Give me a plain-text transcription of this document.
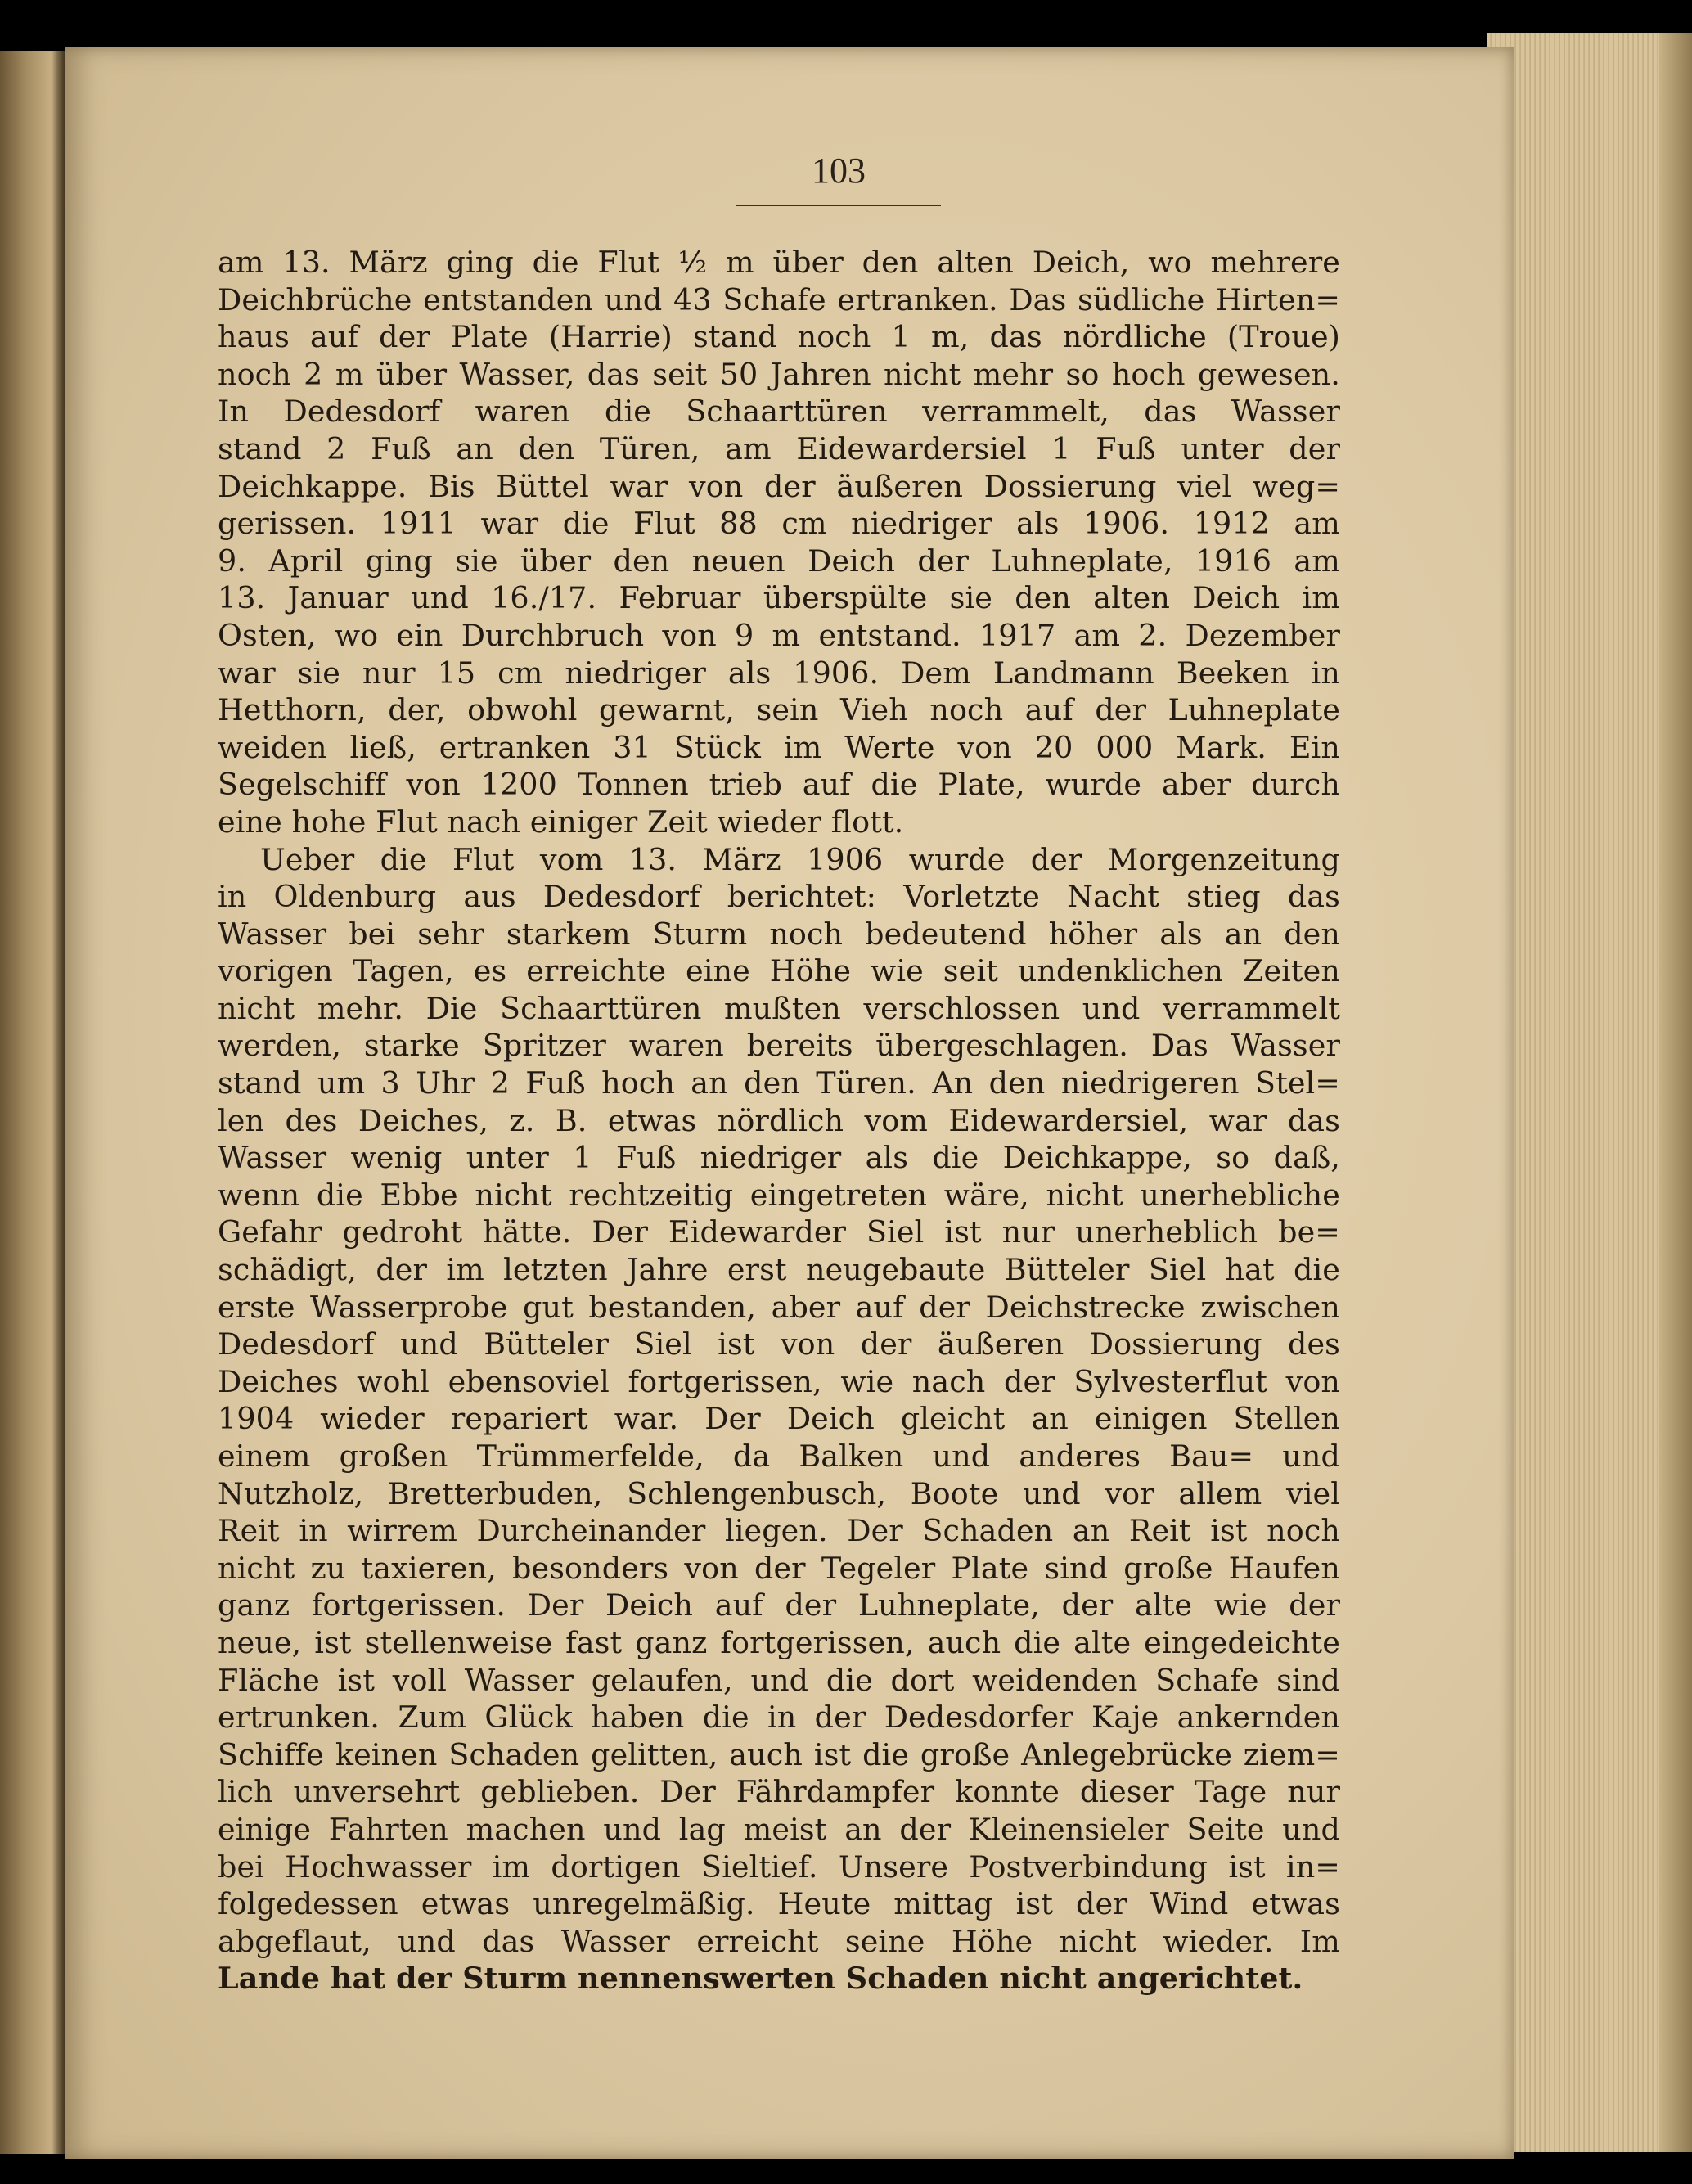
103
am 13. März ging die Flut ½ m über den alten Deich, wo mehrere
Deichbrüche entstanden und 43 Schafe ertranken. Das südliche Hirten=
haus auf der Plate (Harrie) stand noch 1 m, das nördliche (Troue)
noch 2 m über Wasser, das seit 50 Jahren nicht mehr so hoch gewesen.
In Dedesdorf waren die Schaarttüren verrammelt, das Wasser
stand 2 Fuß an den Türen, am Eidewardersiel 1 Fuß unter der
Deichkappe. Bis Büttel war von der äußeren Dossierung viel weg=
gerissen. 1911 war die Flut 88 cm niedriger als 1906. 1912 am
9. April ging sie über den neuen Deich der Luhneplate, 1916 am
13. Januar und 16./17. Februar überspülte sie den alten Deich im
Osten, wo ein Durchbruch von 9 m entstand. 1917 am 2. Dezember
war sie nur 15 cm niedriger als 1906. Dem Landmann Beeken in
Hetthorn, der, obwohl gewarnt, sein Vieh noch auf der Luhneplate
weiden ließ, ertranken 31 Stück im Werte von 20 000 Mark. Ein
Segelschiff von 1200 Tonnen trieb auf die Plate, wurde aber durch
eine hohe Flut nach einiger Zeit wieder flott.
Ueber die Flut vom 13. März 1906 wurde der Morgenzeitung
in Oldenburg aus Dedesdorf berichtet: Vorletzte Nacht stieg das
Wasser bei sehr starkem Sturm noch bedeutend höher als an den
vorigen Tagen, es erreichte eine Höhe wie seit undenklichen Zeiten
nicht mehr. Die Schaarttüren mußten verschlossen und verrammelt
werden, starke Spritzer waren bereits übergeschlagen. Das Wasser
stand um 3 Uhr 2 Fuß hoch an den Türen. An den niedrigeren Stel=
len des Deiches, z. B. etwas nördlich vom Eidewardersiel, war das
Wasser wenig unter 1 Fuß niedriger als die Deichkappe, so daß,
wenn die Ebbe nicht rechtzeitig eingetreten wäre, nicht unerhebliche
Gefahr gedroht hätte. Der Eidewarder Siel ist nur unerheblich be=
schädigt, der im letzten Jahre erst neugebaute Bütteler Siel hat die
erste Wasserprobe gut bestanden, aber auf der Deichstrecke zwischen
Dedesdorf und Bütteler Siel ist von der äußeren Dossierung des
Deiches wohl ebensoviel fortgerissen, wie nach der Sylvesterflut von
1904 wieder repariert war. Der Deich gleicht an einigen Stellen
einem großen Trümmerfelde, da Balken und anderes Bau= und
Nutzholz, Bretterbuden, Schlengenbusch, Boote und vor allem viel
Reit in wirrem Durcheinander liegen. Der Schaden an Reit ist noch
nicht zu taxieren, besonders von der Tegeler Plate sind große Haufen
ganz fortgerissen. Der Deich auf der Luhneplate, der alte wie der
neue, ist stellenweise fast ganz fortgerissen, auch die alte eingedeichte
Fläche ist voll Wasser gelaufen, und die dort weidenden Schafe sind
ertrunken. Zum Glück haben die in der Dedesdorfer Kaje ankernden
Schiffe keinen Schaden gelitten, auch ist die große Anlegebrücke ziem=
lich unversehrt geblieben. Der Fährdampfer konnte dieser Tage nur
einige Fahrten machen und lag meist an der Kleinensieler Seite und
bei Hochwasser im dortigen Sieltief. Unsere Postverbindung ist in=
folgedessen etwas unregelmäßig. Heute mittag ist der Wind etwas
abgeflaut, und das Wasser erreicht seine Höhe nicht wieder. Im
Lande hat der Sturm nennenswerten Schaden nicht angerichtet.
